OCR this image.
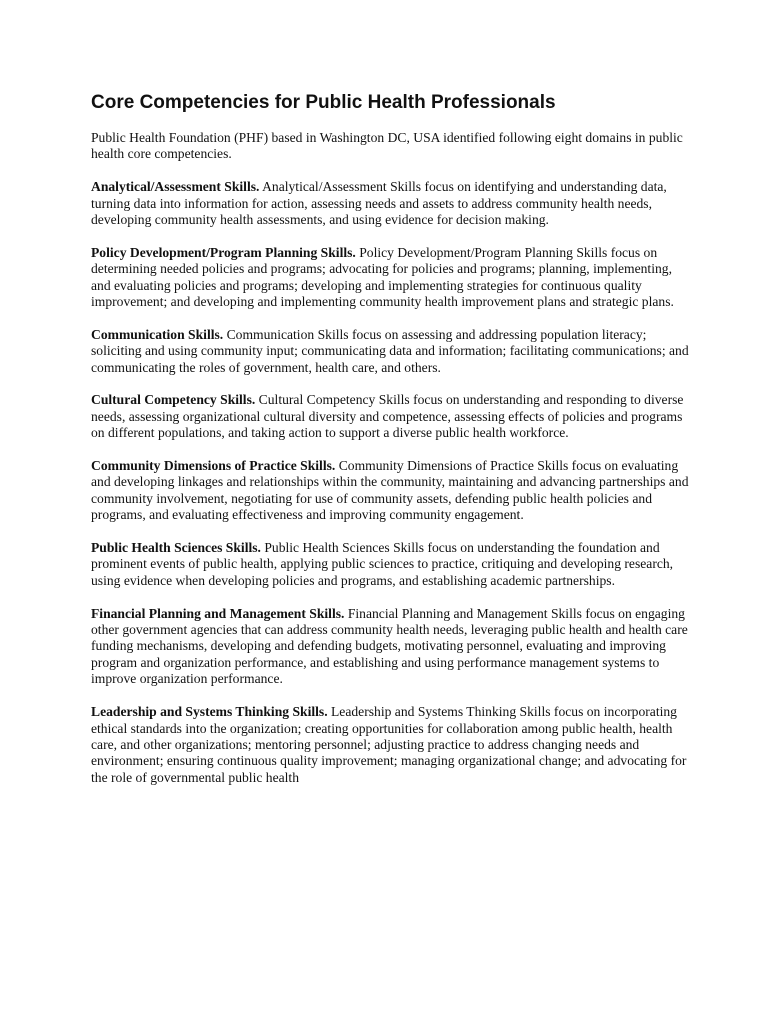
Core Competencies for Public Health Professionals

Public Health Foundation (PHF) based in Washington DC, USA identified following eight domains in public health core competencies.

Analytical/Assessment Skills. Analytical/Assessment Skills focus on identifying and understanding data, turning data into information for action, assessing needs and assets to address community health needs, developing community health assessments, and using evidence for decision making.

Policy Development/Program Planning Skills. Policy Development/Program Planning Skills focus on determining needed policies and programs; advocating for policies and programs; planning, implementing, and evaluating policies and programs; developing and implementing strategies for continuous quality improvement; and developing and implementing community health improvement plans and strategic plans.

Communication Skills. Communication Skills focus on assessing and addressing population literacy; soliciting and using community input; communicating data and information; facilitating communications; and communicating the roles of government, health care, and others.

Cultural Competency Skills. Cultural Competency Skills focus on understanding and responding to diverse needs, assessing organizational cultural diversity and competence, assessing effects of policies and programs on different populations, and taking action to support a diverse public health workforce.

Community Dimensions of Practice Skills. Community Dimensions of Practice Skills focus on evaluating and developing linkages and relationships within the community, maintaining and advancing partnerships and community involvement, negotiating for use of community assets, defending public health policies and programs, and evaluating effectiveness and improving community engagement.

Public Health Sciences Skills. Public Health Sciences Skills focus on understanding the foundation and prominent events of public health, applying public sciences to practice, critiquing and developing research, using evidence when developing policies and programs, and establishing academic partnerships.

Financial Planning and Management Skills. Financial Planning and Management Skills focus on engaging other government agencies that can address community health needs, leveraging public health and health care funding mechanisms, developing and defending budgets, motivating personnel, evaluating and improving program and organization performance, and establishing and using performance management systems to improve organization performance.

Leadership and Systems Thinking Skills. Leadership and Systems Thinking Skills focus on incorporating ethical standards into the organization; creating opportunities for collaboration among public health, health care, and other organizations; mentoring personnel; adjusting practice to address changing needs and environment; ensuring continuous quality improvement; managing organizational change; and advocating for the role of governmental public health
